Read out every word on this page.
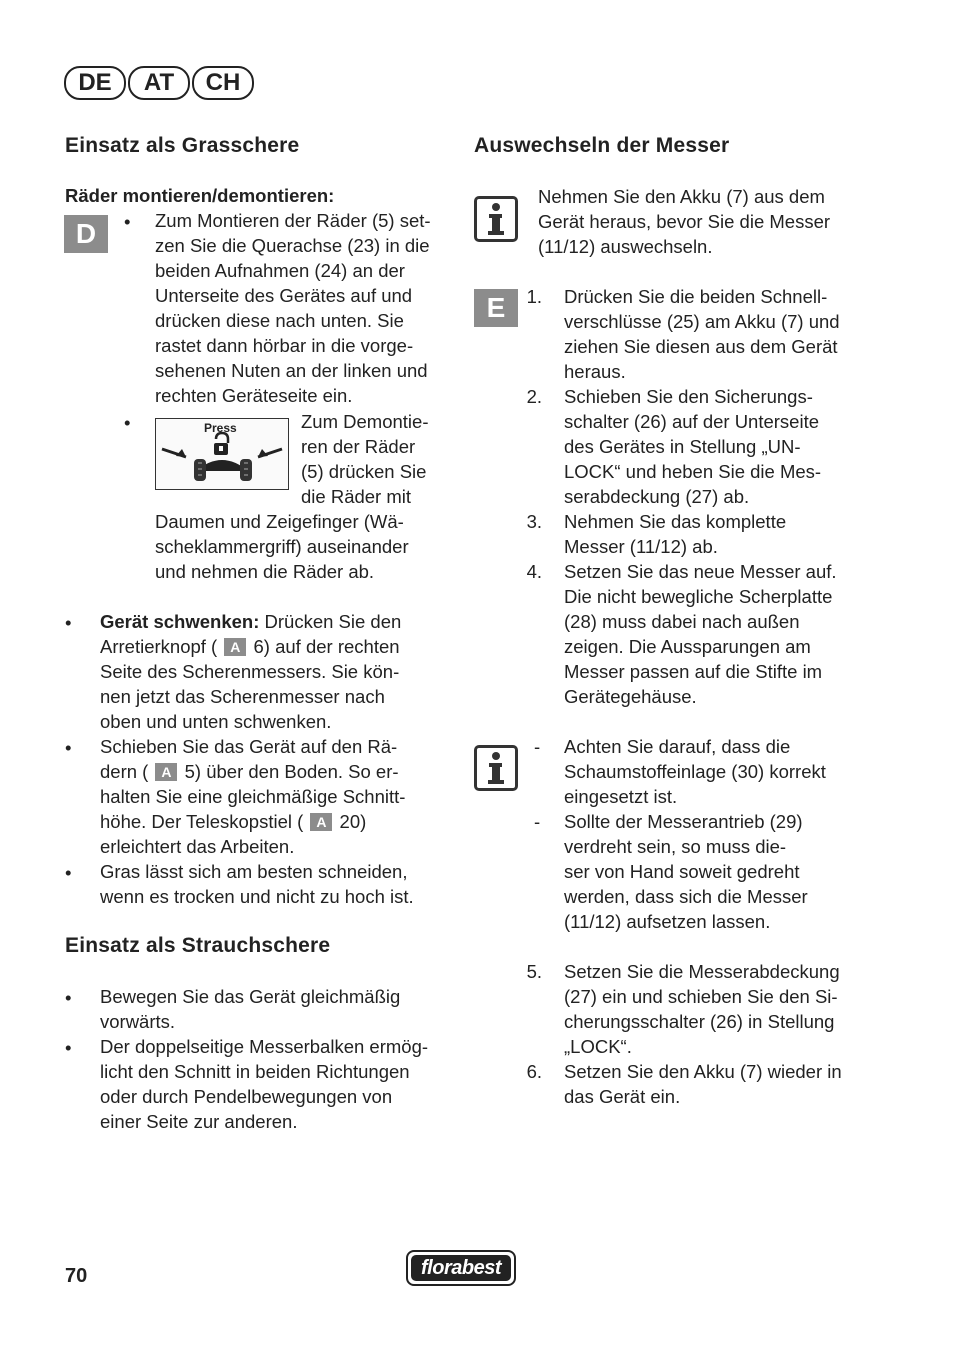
DE	AT	CH
Einsatz als Grasschere
Räder montieren/demontieren:
D	• Zum Montieren der Räder (5) set-
zen Sie die Querachse (23) in die
beiden Aufnahmen (24) an der
Unterseite des Gerätes auf und
drücken diese nach unten. Sie
rastet dann hörbar in die vorge-
sehenen Nuten an der linken und
rechten Geräteseite ein.
•	Press	Zum Demontie-
ren der Räder
(5) drücken Sie
die Räder mit
Daumen und Zeigefinger (Wä-
scheklammergriff) auseinander
und nehmen die Räder ab.
• Gerät schwenken: Drücken Sie den
Arretierknopf ( A 6) auf der rechten
Seite des Scherenmessers. Sie kön-
nen jetzt das Scherenmesser nach
oben und unten schwenken.
• Schieben Sie das Gerät auf den Rä-
dern ( A 5) über den Boden. So er-
halten Sie eine gleichmäßige Schnitt-
höhe. Der Teleskopstiel ( A 20)
erleichtert das Arbeiten.
• Gras lässt sich am besten schneiden,
wenn es trocken und nicht zu hoch ist.
Einsatz als Strauchschere
• Bewegen Sie das Gerät gleichmäßig
vorwärts.
• Der doppelseitige Messerbalken ermög-
licht den Schnitt in beiden Richtungen
oder durch Pendelbewegungen von
einer Seite zur anderen.
Auswechseln der Messer
Nehmen Sie den Akku (7) aus dem
Gerät heraus, bevor Sie die Messer
(11/12) auswechseln.
E	1. Drücken Sie die beiden Schnell-
verschlüsse (25) am Akku (7) und
ziehen Sie diesen aus dem Gerät
heraus.
2. Schieben Sie den Sicherungs-
schalter (26) auf der Unterseite
des Gerätes in Stellung „UN-
LOCK“ und heben Sie die Mes-
serabdeckung (27) ab.
3. Nehmen Sie das komplette
Messer (11/12) ab.
4. Setzen Sie das neue Messer auf.
Die nicht bewegliche Scherplatte
(28) muss dabei nach außen
zeigen. Die Aussparungen am
Messer passen auf die Stifte im
Gerätegehäuse.
- Achten Sie darauf, dass die
Schaumstoffeinlage (30) korrekt
eingesetzt ist.
- Sollte der Messerantrieb (29)
verdreht sein, so muss die-
ser von Hand soweit gedreht
werden, dass sich die Messer
(11/12) aufsetzen lassen.
5. Setzen Sie die Messerabdeckung
(27) ein und schieben Sie den Si-
cherungsschalter (26) in Stellung
„LOCK“.
6. Setzen Sie den Akku (7) wieder in
das Gerät ein.
70	florabest
